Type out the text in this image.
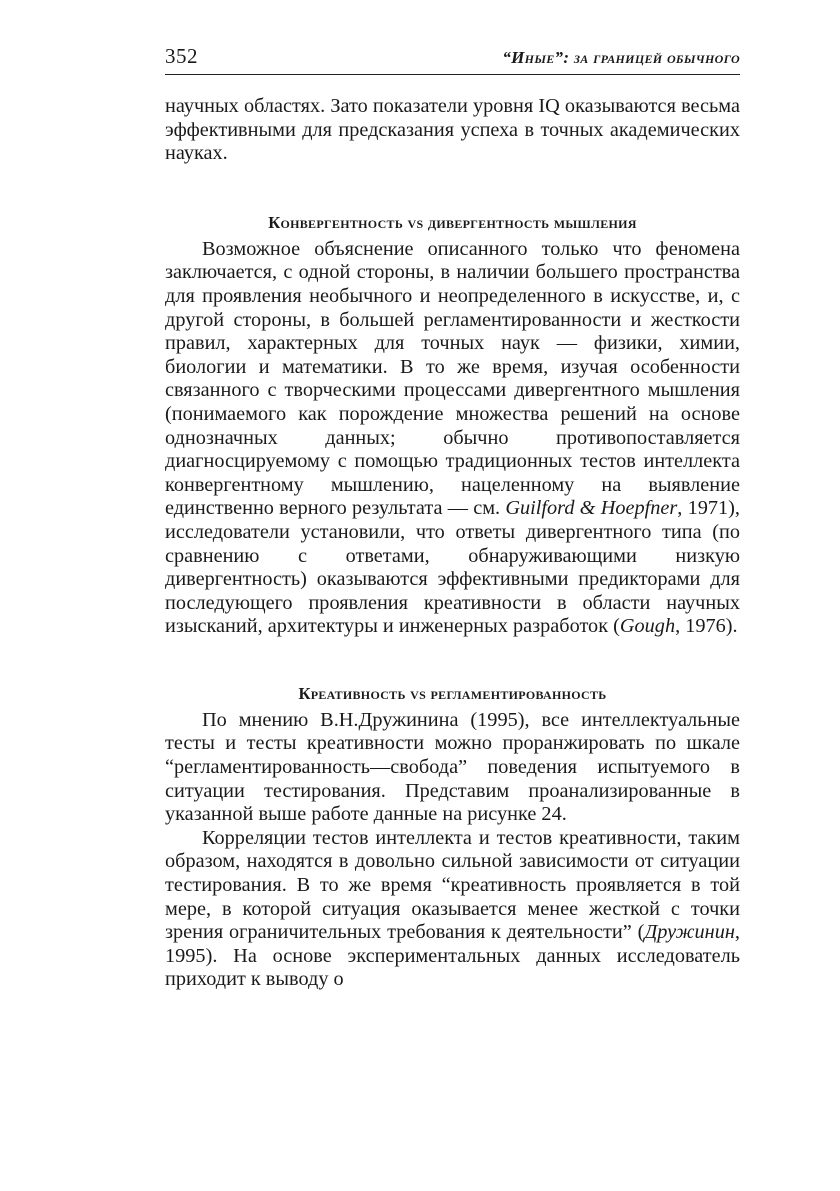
352	“Иные”: за границей обычного

научных областях. Зато показатели уровня IQ оказываются весьма эффективными для предсказания успеха в точных академических науках.

Конвергентность vs дивергентность мышления

Возможное объяснение описанного только что феномена заключается, с одной стороны, в наличии большего пространства для проявления необычного и неопределенного в искусстве, и, с другой стороны, в большей регламентированности и жесткости правил, характерных для точных наук — физики, химии, биологии и математики. В то же время, изучая особенности связанного с творческими процессами дивергентного мышления (понимаемого как порождение множества решений на основе однозначных данных; обычно противопоставляется диагносцируемому с помощью традиционных тестов интеллекта конвергентному мышлению, нацеленному на выявление единственно верного результата — см. Guilford & Hoepfner, 1971), исследователи установили, что ответы дивергентного типа (по сравнению с ответами, обнаруживающими низкую дивергентность) оказываются эффективными предикторами для последующего проявления креативности в области научных изысканий, архитектуры и инженерных разработок (Gough, 1976).

Креативность vs регламентированность

По мнению В.Н.Дружинина (1995), все интеллектуальные тесты и тесты креативности можно проранжировать по шкале “регламентированность—свобода” поведения испытуемого в ситуации тестирования. Представим проанализированные в указанной выше работе данные на рисунке 24.

Корреляции тестов интеллекта и тестов креативности, таким образом, находятся в довольно сильной зависимости от ситуации тестирования. В то же время “креативность проявляется в той мере, в которой ситуация оказывается менее жесткой с точки зрения ограничительных требования к деятельности” (Дружинин, 1995). На основе экспериментальных данных исследователь приходит к выводу о
